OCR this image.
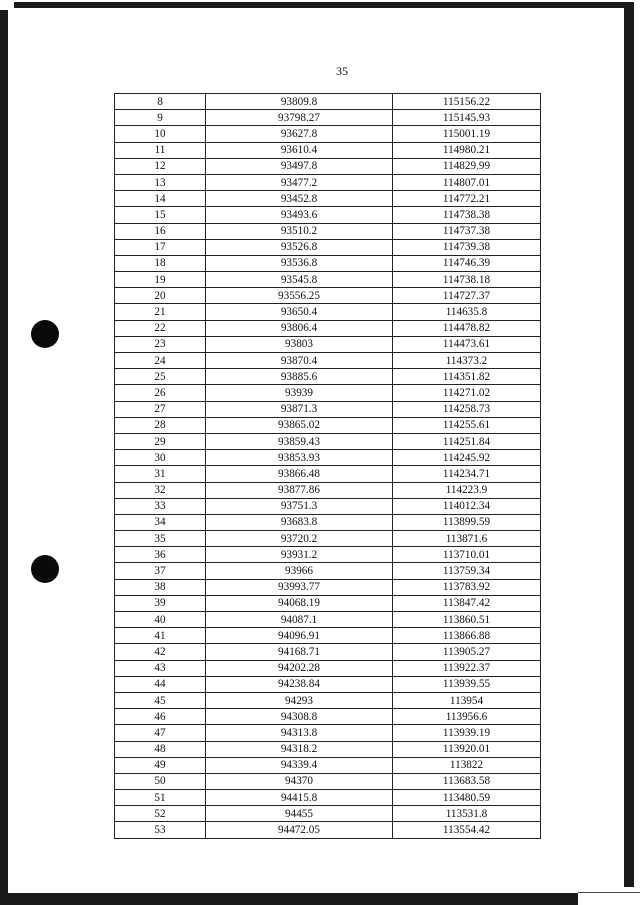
35
8	93809.8	115156.22
9	93798.27	115145.93
10	93627.8	115001.19
11	93610.4	114980.21
12	93497.8	114829.99
13	93477.2	114807.01
14	93452.8	114772.21
15	93493.6	114738.38
16	93510.2	114737.38
17	93526.8	114739.38
18	93536.8	114746.39
19	93545.8	114738.18
20	93556.25	114727.37
21	93650.4	114635.8
22	93806.4	114478.82
23	93803	114473.61
24	93870.4	114373.2
25	93885.6	114351.82
26	93939	114271.02
27	93871.3	114258.73
28	93865.02	114255.61
29	93859.43	114251.84
30	93853.93	114245.92
31	93866.48	114234.71
32	93877.86	114223.9
33	93751.3	114012.34
34	93683.8	113899.59
35	93720.2	113871.6
36	93931.2	113710.01
37	93966	113759.34
38	93993.77	113783.92
39	94068.19	113847.42
40	94087.1	113860.51
41	94096.91	113866.88
42	94168.71	113905.27
43	94202.28	113922.37
44	94238.84	113939.55
45	94293	113954
46	94308.8	113956.6
47	94313.8	113939.19
48	94318.2	113920.01
49	94339.4	113822
50	94370	113683.58
51	94415.8	113480.59
52	94455	113531.8
53	94472.05	113554.42
